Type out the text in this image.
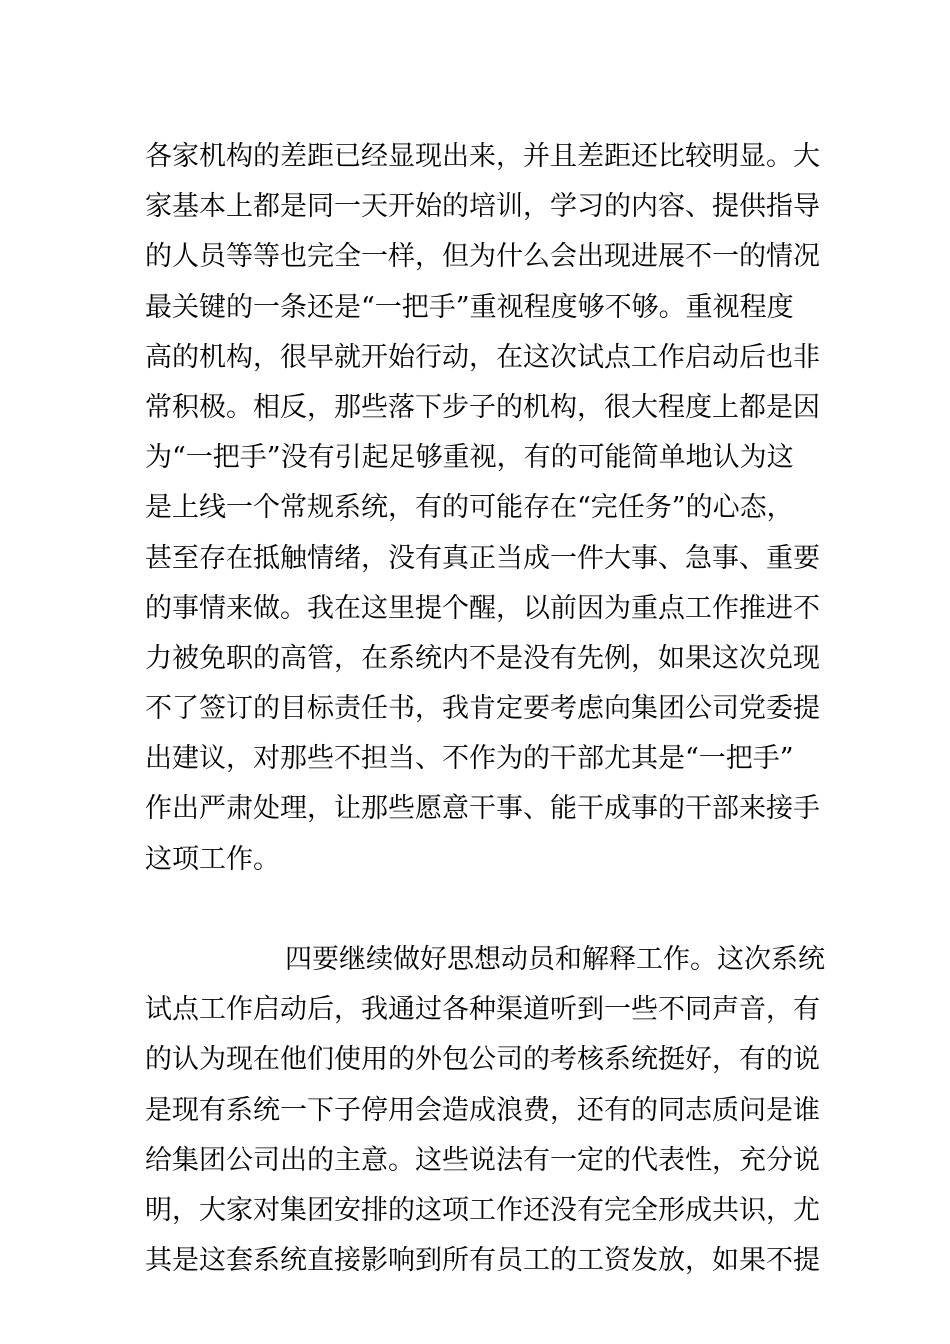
各家机构的差距已经显现出来，并且差距还比较明显。大
家基本上都是同一天开始的培训，学习的内容、提供指导
的人员等等也完全一样，但为什么会出现进展不一的情况
最关键的一条还是“一把手”重视程度够不够。重视程度
高的机构，很早就开始行动，在这次试点工作启动后也非
常积极。相反，那些落下步子的机构，很大程度上都是因
为“一把手”没有引起足够重视，有的可能简单地认为这
是上线一个常规系统，有的可能存在“完任务”的心态，
甚至存在抵触情绪，没有真正当成一件大事、急事、重要
的事情来做。我在这里提个醒，以前因为重点工作推进不
力被免职的高管，在系统内不是没有先例，如果这次兑现
不了签订的目标责任书，我肯定要考虑向集团公司党委提
出建议，对那些不担当、不作为的干部尤其是“一把手”
作出严肃处理，让那些愿意干事、能干成事的干部来接手
这项工作。
四要继续做好思想动员和解释工作。这次系统
试点工作启动后，我通过各种渠道听到一些不同声音，有
的认为现在他们使用的外包公司的考核系统挺好，有的说
是现有系统一下子停用会造成浪费，还有的同志质问是谁
给集团公司出的主意。这些说法有一定的代表性，充分说
明，大家对集团安排的这项工作还没有完全形成共识，尤
其是这套系统直接影响到所有员工的工资发放，如果不提
